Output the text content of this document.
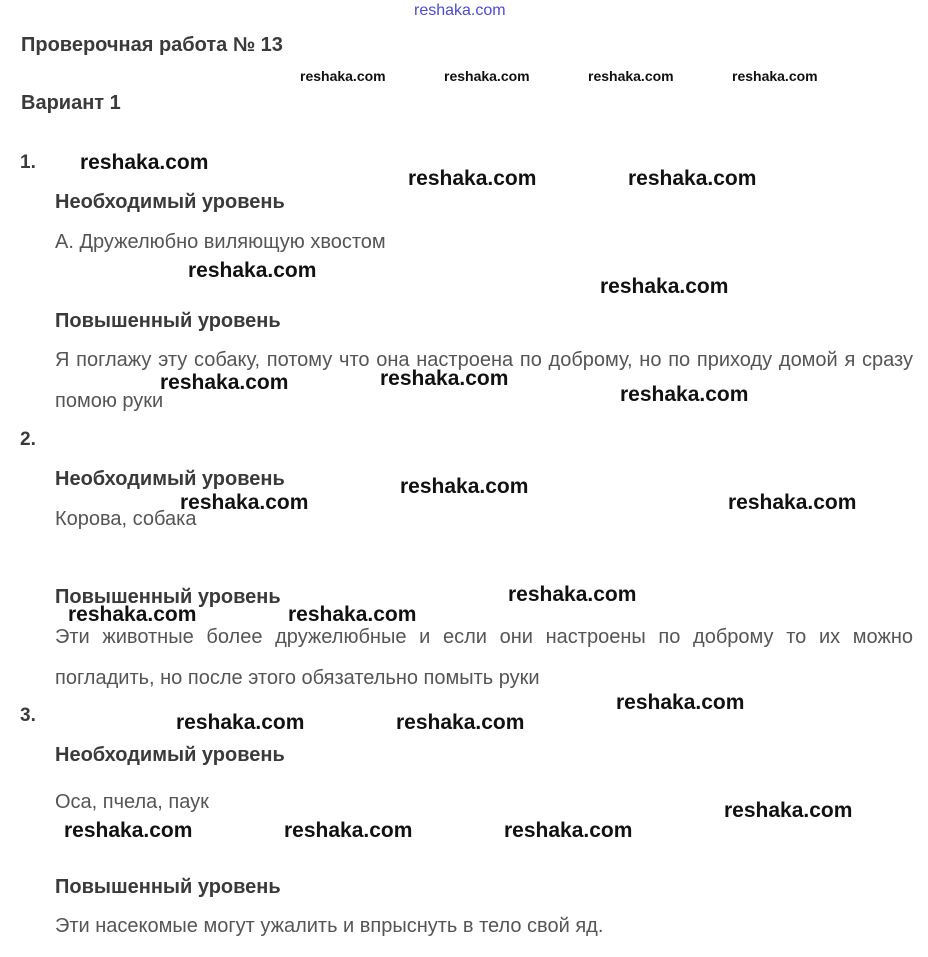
reshaka.com
Проверочная работа № 13
Вариант 1
1.
Необходимый уровень
А. Дружелюбно виляющую хвостом
Повышенный уровень
Я поглажу эту собаку, потому что она настроена по доброму, но по приходу домой я сразу помою руки
2.
Необходимый уровень
Корова, собака
Повышенный уровень
Эти животные более дружелюбные и если они настроены по доброму то их можно погладить, но после этого обязательно помыть руки
3.
Необходимый уровень
Оса, пчела, паук
Повышенный уровень
Эти насекомые могут ужалить и впрыснуть в тело свой яд.
reshaka.com	reshaka.com	reshaka.com	reshaka.com
reshaka.com
reshaka.com	reshaka.com
reshaka.com
reshaka.com
reshaka.com	reshaka.com
reshaka.com
reshaka.com
reshaka.com	reshaka.com
reshaka.com
reshaka.com	reshaka.com
reshaka.com
reshaka.com	reshaka.com
reshaka.com
reshaka.com	reshaka.com	reshaka.com
